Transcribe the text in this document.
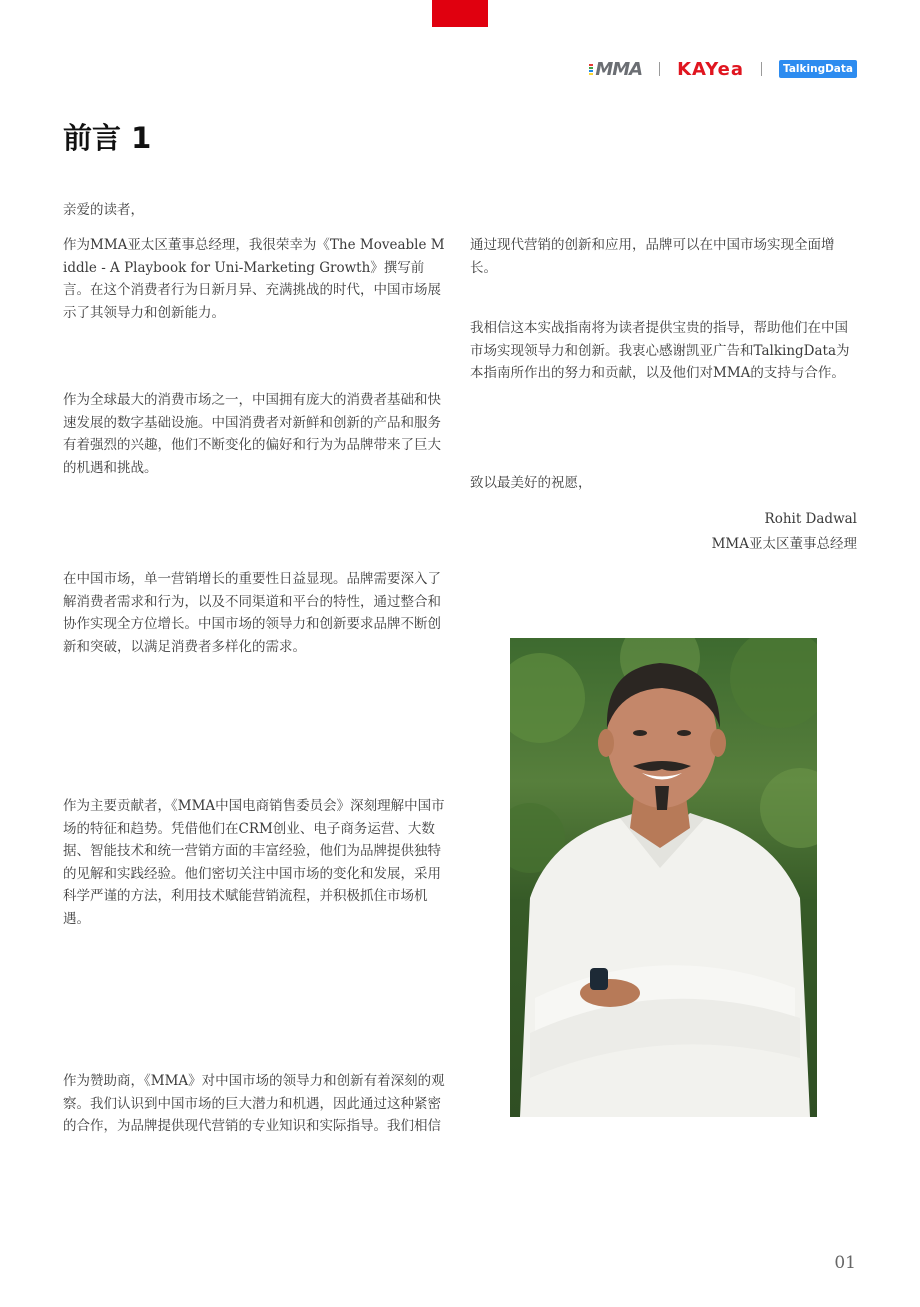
MMA KAYea	TalkingData
前言 1

亲爱的读者，

作为MMA亚太区董事总经理，我很荣幸为《The Moveable Middle - A Playbook for Uni-Marketing Growth》撰写前言。在这个消费者行为日新月异、充满挑战的时代，中国市场展示了其领导力和创新能力。

作为全球最大的消费市场之一，中国拥有庞大的消费者基础和快速发展的数字基础设施。中国消费者对新鲜和创新的产品和服务有着强烈的兴趣，他们不断变化的偏好和行为为品牌带来了巨大的机遇和挑战。

在中国市场，单一营销增长的重要性日益显现。品牌需要深入了解消费者需求和行为，以及不同渠道和平台的特性，通过整合和协作实现全方位增长。中国市场的领导力和创新要求品牌不断创新和突破，以满足消费者多样化的需求。

作为主要贡献者，《MMA中国电商销售委员会》深刻理解中国市场的特征和趋势。凭借他们在CRM创业、电子商务运营、大数据、智能技术和统一营销方面的丰富经验，他们为品牌提供独特的见解和实践经验。他们密切关注中国市场的变化和发展，采用科学严谨的方法，利用技术赋能营销流程，并积极抓住市场机遇。

作为赞助商，《MMA》对中国市场的领导力和创新有着深刻的观察。我们认识到中国市场的巨大潜力和机遇，因此通过这种紧密的合作，为品牌提供现代营销的专业知识和实际指导。我们相信

通过现代营销的创新和应用，品牌可以在中国市场实现全面增长。

我相信这本实战指南将为读者提供宝贵的指导，帮助他们在中国市场实现领导力和创新。我衷心感谢凯亚广告和TalkingData为本指南所作出的努力和贡献，以及他们对MMA的支持与合作。

致以最美好的祝愿，

Rohit Dadwal
MMA亚太区董事总经理
01
